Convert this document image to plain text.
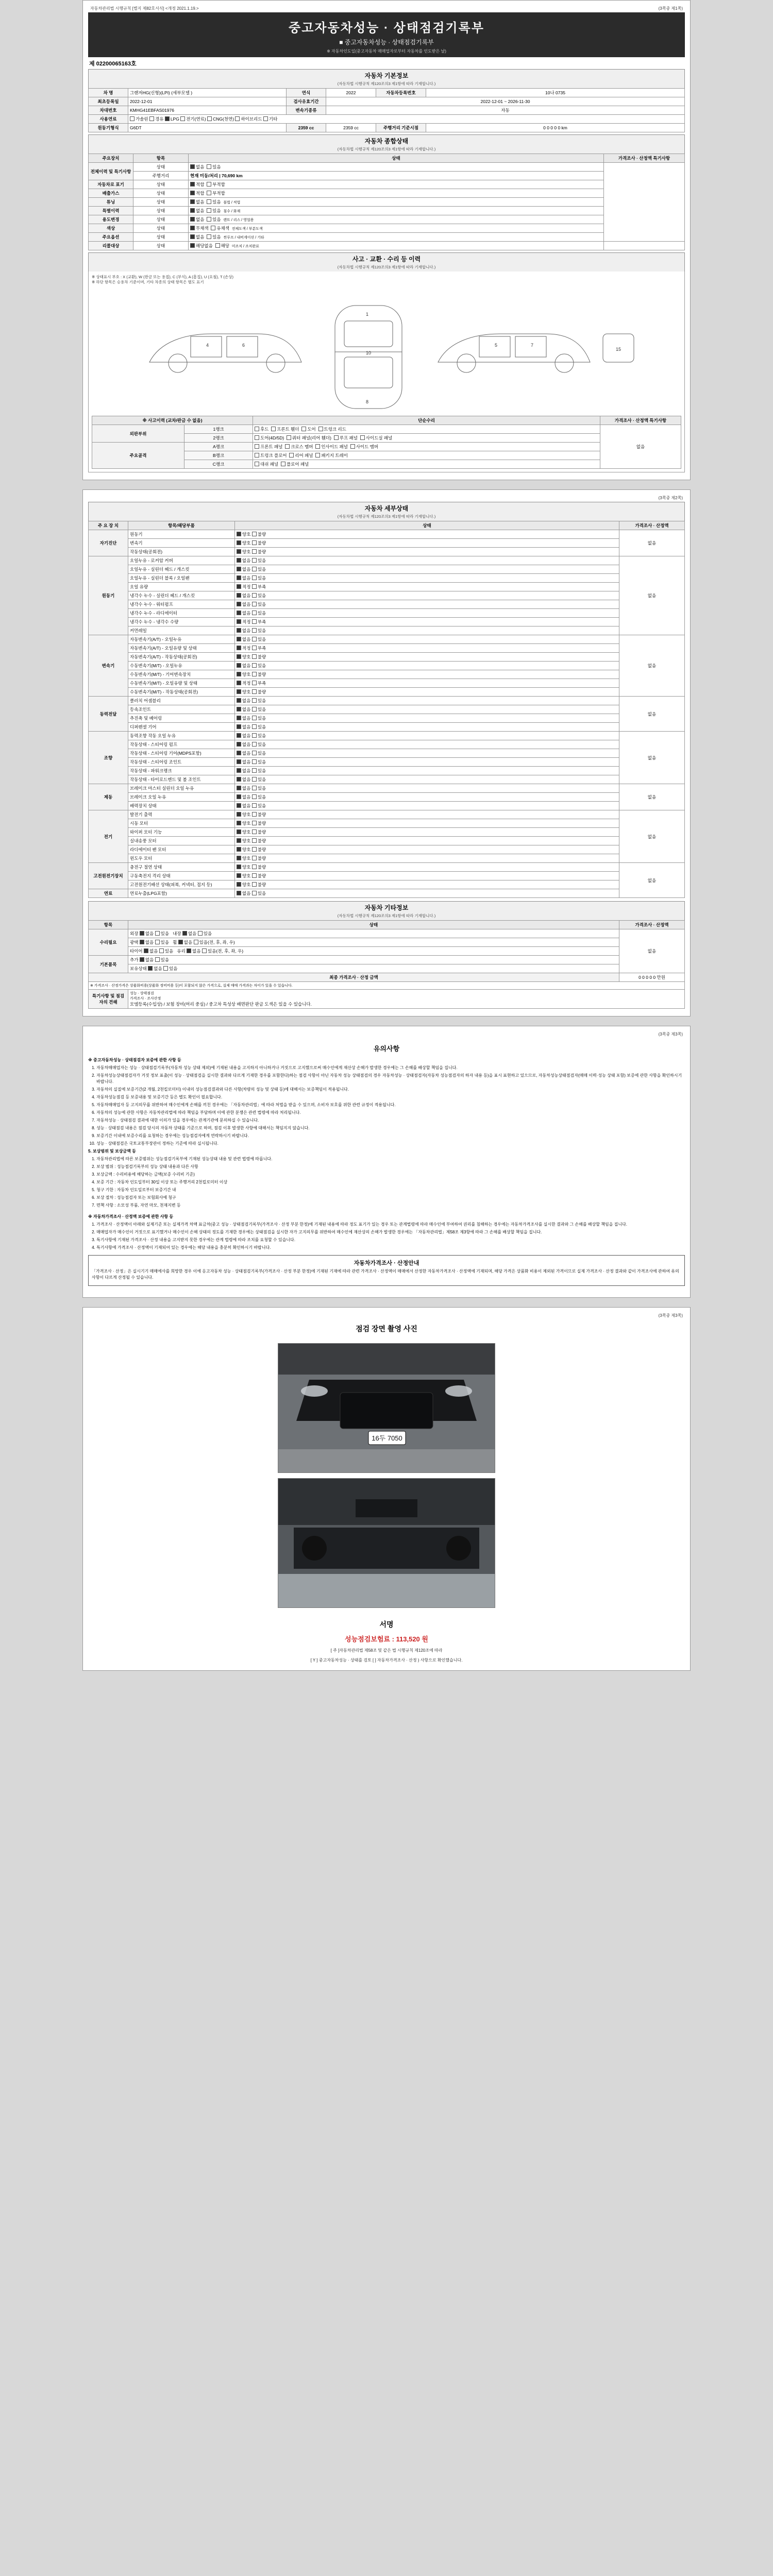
자동차관리법 시행규칙 [별지 제82호서식] <개정 2021.1.19.>	(3쪽중 제1쪽)
중고자동차성능 · 상태점검기록부
■ 중고자동차성능 · 상태점검기록부
※ 자동차인도일(중고자동차 매매업자로부터 자동차를 인도받은 날)
제 02200065163호
자동차 기본정보
(자동차법 시행규칙 제120조의3 제1항에 따라 기재합니다.)
차 명	그랜저HG(신형)(LPI) (세부모델 )	연식	2022	자동차등록번호	10나 0735
최초등록일	2022-12-01	검사유효기간	2022-12-01 ~ 2026-11-30		
차대번호	KMHG41EBFAS01976	변속기종류	자동		
사용연료	가솔린 경유 LPG 전기(연료) CNG(천연) 하이브리드 기타				
원동기형식	G6DT	2359 cc	2359 cc	주행거리 기준시점	0 0 0 0 0 km
자동차 종합상태
(자동차법 시행규칙 제120조의3 제1항에 따라 기재합니다.)
주요장치	항목	상태	가격조사 · 산정액 특기사항
전체이력 및 특기사항	상태	없음 있음	
	주행거리	현재 미동/처리 | 70,690 km	
자동차로 표기	상태	적합 부적합	
배출가스	상태	적합 부적합	
튜닝	상태	없음 있음 불법 / 적법	
특별이력	상태	없음 있음 침수 / 화재	
용도변경	상태	없음 있음 렌트 / 리스 / 영업용	
색상	상태	무채색 유채색 전체도색 / 부분도색	
주요옵션	상태	없음 있음 썬루프 / 내비게이션 / 기타	
리콜대상	상태	해당없음 해당 미조치 / 조치완료	
사고 · 교환 · 수리 등 이력
(자동차법 시행규칙 제120조의3 제1항에 따라 기재합니다.)
※ 상태표시 부호 : X (교환), W (판금 또는 용접), C (부식), A (흠집), U (요철), T (손상)
※ 하단 항목은 승용차 기준이며, 기타 차종의 상태 항목은 별도 표기
4	6
1
10
8
5	7
15
※ 사고이력 (교차/판금 수 없음)		단순수리	가격조사 · 산정액 특기사항
외판부위	1랭크	후드 프론트 휀더 도어 트렁크 리드	없음
	2랭크	도어(4D/5D) 쿼터 패널(리어 휀더) 루프 패널 사이드실 패널	
주요골격	A랭크	프론트 패널 크로스 멤버 인사이드 패널 사이드 멤버	
	B랭크	트렁크 플로어 리어 패널 패키지 트레이	
	C랭크	대쉬 패널 플로어 패널	
(3쪽중 제2쪽)
자동차 세부상태
(자동차법 시행규칙 제120조의3 제1항에 따라 기재합니다.)
주 요 장 치	항목/해당부품	상태	가격조사 · 산정액
자기진단	원동기	양호 불량	없음
	변속기	양호 불량	
	작동상태(공회전)	양호 불량	
원동기	오일누유 - 로커암 커버	없음 있음	없음
	오일누유 - 실린더 헤드 / 개스킷	없음 있음	
	오일누유 - 실린더 블록 / 오일팬	없음 있음	
	오일 유량	적정 부족	
	냉각수 누수 - 실린더 헤드 / 개스킷	없음 있음	
	냉각수 누수 - 워터펌프	없음 있음	
	냉각수 누수 - 라디에이터	없음 있음	
	냉각수 누수 - 냉각수 수량	적정 부족	
	커먼레일	없음 있음	
변속기	자동변속기(A/T) - 오일누유	없음 있음	없음
	자동변속기(A/T) - 오일유량 및 상태	적정 부족	
	자동변속기(A/T) - 작동상태(공회전)	양호 불량	
	수동변속기(M/T) - 오일누유	없음 있음	
	수동변속기(M/T) - 기어변속장치	양호 불량	
	수동변속기(M/T) - 오일유량 및 상태	적정 부족	
	수동변속기(M/T) - 작동상태(공회전)	양호 불량	
동력전달	클러치 어셈블리	없음 있음	없음
	등속조인트	없음 있음	
	추진축 및 베어링	없음 있음	
	디퍼렌셜 기어	없음 있음	
조향	동력조향 작동 오일 누유	없음 있음	없음
	작동상태 - 스티어링 펌프	없음 있음	
	작동상태 - 스티어링 기어(MDPS포함)	없음 있음	
	작동상태 - 스티어링 조인트	없음 있음	
	작동상태 - 파워크랭크	없음 있음	
	작동상태 - 타이로드엔드 및 볼 조인트	없음 있음	
제동	브레이크 마스터 실린더 오일 누유	없음 있음	없음
	브레이크 오일 누유	없음 있음	
	배력장치 상태	없음 있음	
전기	발전기 출력	양호 불량	없음
	시동 모터	양호 불량	
	와이퍼 모터 기능	양호 불량	
	실내송풍 모터	양호 불량	
	라디에이터 팬 모터	양호 불량	
	윈도우 모터	양호 불량	
고전원전기장치	충전구 절연 상태	양호 불량	없음
	구동축전지 격리 상태	양호 불량	
	고전원전기배선 상태(피복, 커넥터, 접지 등)	양호 불량	
연료	연료누출(LPG포함)	없음 있음	
자동차 기타정보
(자동차법 시행규칙 제120조의3 제1항에 따라 기재합니다.)
항목	상태	가격조사 · 산정액
수리필요	외장 없음 있음 내장 없음 있음	없음
	광택 없음 있음 휠 없음 있음(전, 후, 좌, 우)	
	타이어 없음 있음 유리 없음 있음(전, 후, 좌, 우)	
기본품목	추가 없음 있음	
	보유상태 없음 있음	
최종 가격조사 · 산정 금액		0 0 0 0 0 만원
※ 가격조사 · 산정가격은 상품화비용(상품화 정비비용 등)이 포함되지 않은 가격으로, 실제 매매 가격과는 차이가 있을 수 있습니다.		
특기사항 및 점검자의 견해	성능 · 상태점검
가격조사 · 조사산정
모델등록(수입상) / 보험 장비(머리 중심) / 중고차 특성상 배면판단 판금 도색은 있을 수 있습니다.	
(3쪽중 제3쪽)
유의사항

※ 중고자동차성능 · 상태점검자 보증에 관한 사항 등

1. 자동차매매업자는 성능 · 상태점검기록부(자동차 성능 상태 제외)에 기재된 내용을 고지하지 아니하거나 거짓으로 고지했으로써 매수인에게 재산상 손해가 발생한 경우에는 그 손해를 배상할 책임을 집니다.
2. 자동차성능상태점검자가 거짓 정보 표출(이 성능 · 상태점검을 실시한 결과와 다르게 기재한 경우를 포함한다)하는 점검 사항이 아닌 자동차 성능 상태점검의 경우 자동차성능 · 상태점검자(자동차 성능점검자의 하자 내용 등)을 표시 표현하고 있으므로, 자동차성능상태점검자(매매 이력·성능 상태 포함) 보증에 관한 사항을 확인하시기 바랍니다.
3. 자동차의 실질에 보증기간(2 개월, 2천킬로미터) 이내의 성능점검결과와 다른 사항(차량의 성능 및 상태 등)에 대해서는 보증책임이 적용됩니다.
4. 자동차성능점검 등 보증내용 및 보증기간 등은 별도 확인이 필요합니다.
5. 자동차매매업자 등 고지의무를 위반하여 매수인에게 손해를 끼친 경우에는 「자동차관리법」에 따라 처벌을 받을 수 있으며, 소비자 보호를 위한 관련 규정이 적용됩니다.
6. 자동차의 성능에 관한 사항은 자동차관리법에 따라 책임을 부담하며 이에 관한 분쟁은 관련 법령에 따라 처리됩니다.
7. 자동차성능 · 상태점검 결과에 대한 이의가 있을 경우에는 관계기관에 문의하실 수 있습니다.
8. 성능 · 상태점검 내용은 점검 당시의 자동차 상태를 기준으로 하며, 점검 이후 발생한 사항에 대해서는 책임지지 않습니다.
9. 보증기간 이내에 보증수리를 요청하는 경우에는 성능점검자에게 연락하시기 바랍니다.
10. 성능 · 상태점검은 국토교통부장관이 정하는 기준에 따라 실시됩니다.

5. 보상범위 및 보상금액 등

1. 자동차관리법에 따른 보증범위는 성능점검기록부에 기재된 성능상태 내용 및 관련 법령에 따릅니다.
2. 보상 범위 : 성능점검기록부의 성능 상태 내용과 다른 사항
3. 보상금액 : 수리비용에 해당하는 금액(보증 수리비 기준)
4. 보증 기간 : 자동차 인도일부터 30일 이상 또는 주행거리 2천킬로미터 이상
5. 청구 기한 : 자동차 인도일로부터 보증기간 내
6. 보상 절차 : 성능점검자 또는 보험회사에 청구
7. 면책 사항 : 소모성 부품, 자연 마모, 천재지변 등

※ 자동차가격조사 · 산정액 보증에 관한 사항 등

1. 가격조사 · 산정액이 아래와 실제기준 또는 실제가격 차액 표금차(중고 성능 · 상태점검기록부(가격조사 · 산정 부분 한정)에 기재된 내용에 따라 정도 표기가 있는 경우 또는 관계법령에 따라 매수인에 부여하여 권리를 침해하는 경우에는 자동차가격조사를 실시한 결과와 그 손해를 배상할 책임을 집니다.
2. 매매업자가 매수인이 거짓으로 표기했거나 매수인이 손해 상태의 정도를 기재한 경우에는 상태점검을 실시한 자가 고지의무를 위반하여 매수인에 재산상의 손해가 발생한 경우에는 「자동차관리법」제58조 제3항에 따라 그 손해를 배상할 책임을 집니다.
3. 특기사항에 기재된 가격조사 · 산정 내용을 고지받지 못한 경우에는 관계 법령에 따라 조치를 요청할 수 있습니다.
4. 특기사항에 가격조사 · 산정액이 기재되어 있는 경우에는 해당 내용을 충분히 확인하시기 바랍니다.
자동차가격조사 · 산정안내

「가격조사 · 산정」은 실시기기 매매에사를 희망한 경우 이에 응고자동차 성능 · 상태점검기록부(가격조사 · 산정 부분 한정)에 기재된 기재에 따라 관련 가격조사 · 산정액이 매매에서 산정한 자동차가격조사 · 산정액에 기재되며, 해당 가격은 상품화 비용이 제외된 가격이므로 실제 가격조사 · 산정 결과와 같이 가격조사에 관하여 유의사항이 다르게 산정될 수 있습니다.

(3쪽중 제3쪽)
점검 장면 촬영 사진
16두 7050
서명
성능점검보험료 : 113,520 원
[ 주 ]자동차관리법 제58조 및 같은 법 시행규칙 제120조에 따라
[ Y ] 중고자동차성능 · 상태를 검토 [ ] 자동차가격조사 · 산정 ) 사항으로 확인했습니다.
